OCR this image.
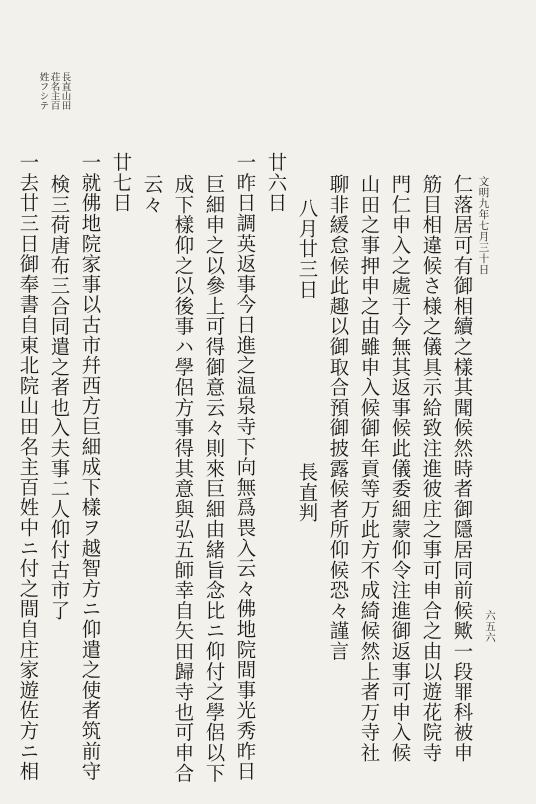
文明九年七月三十日
六五六
長直山田
荘名主百
姓フシテ
仁落居可有御相續之樣其聞候然時者御隱居同前候歟一段罪科被申
筋目相違候さ様之儀具示給致注進彼庄之事可申合之由以遊花院寺
門仁申入之處于今無其返事候此儀委細蒙仰令注進御返事可申入候
山田之事押申之由雖申入候御年貢等万此方不成綺候然上者万寺社
聊非緩怠候此趣以御取合預御披露候者所仰候恐々謹言
八月廿三日　　　　　　　　長直判
廿六日
一昨日調英返事今日進之温泉寺下向無爲畏入云々佛地院間事光秀昨日
巨細申之以參上可得御意云々則來巨細由緒旨念比ニ仰付之學侶以下
成下樣仰之以後事ハ學侶方事得其意與弘五師幸自矢田歸寺也可申合
云々
廿七日
一就佛地院家事以古市幷西方巨細成下樣ヲ越智方ニ仰遣之使者筑前守
検三荷唐布三合同遣之者也入夫事二人仰付古市了
一去廿三日御奉書自東北院山田名主百姓中ニ付之間自庄家遊佐方ニ相
